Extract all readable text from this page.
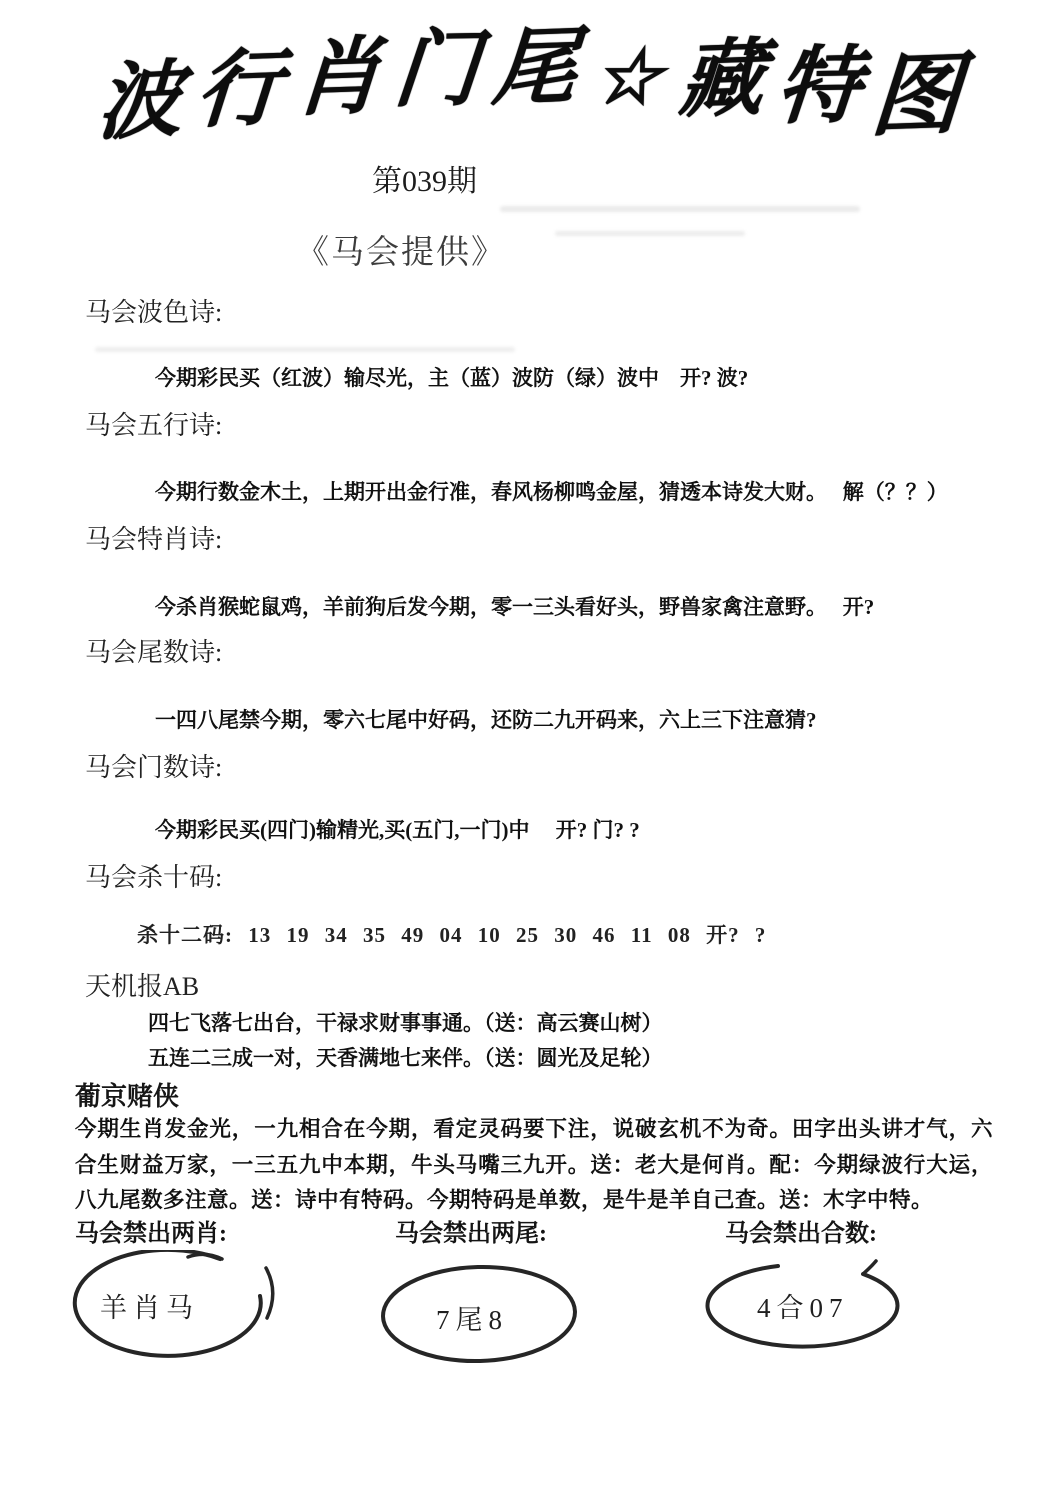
波 行 肖门尾 ☆ 藏特图
第039期
《马会提供》
马会波色诗:
今期彩民买（红波）输尽光，主（蓝）波防（绿）波中　开? 波?
马会五行诗:
今期行数金木土，上期开出金行准，春风杨柳鸣金屋，猜透本诗发大财。　 解（？？）
马会特肖诗:
今杀肖猴蛇鼠鸡，羊前狗后发今期，零一三头看好头，野兽家禽注意野。　 开?
马会尾数诗:
一四八尾禁今期，零六七尾中好码，还防二九开码来，六上三下注意猜?
马会门数诗:
今期彩民买(四门)输精光,买(五门,一门)中　 开? 门? ?
马会杀十码:
杀十二码: 13 19 34 35 49 04 10 25 30 46 11 08 开? ?
天机报AB
四七飞落七出台，干禄求财事事通。（送：高云赛山树）
五连二三成一对，天香满地七来伴。（送：圆光及足轮）
葡京赌侠
今期生肖发金光，一九相合在今期，看定灵码要下注，说破玄机不为奇。田字出头讲才气，六合生财益万家，一三五九中本期，牛头马嘴三九开。送：老大是何肖。配：今期绿波行大运，八九尾数多注意。送：诗中有特码。今期特码是单数，是牛是羊自己查。送：木字中特。
马会禁出两肖:	马会禁出两尾:	马会禁出合数:
羊肖马	7尾8	4合07
